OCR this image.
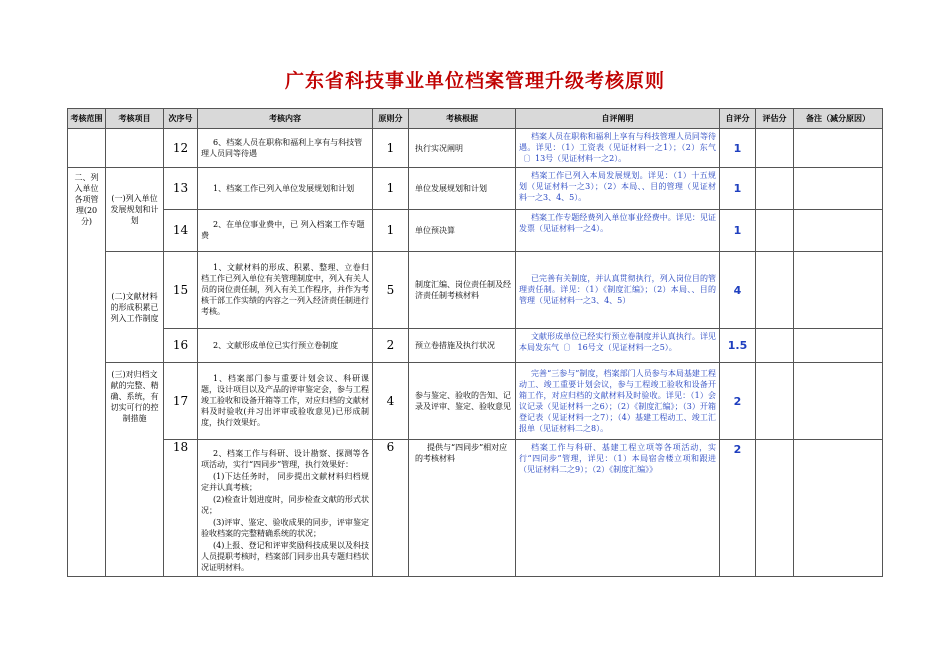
广东省科技事业单位档案管理升级考核原则
考核范围	考核项目	次序号	考核内容	原则分	考核根据	自评阐明	自评分	评估分	备注（减分原因）
		12	6、档案人员在职称和福利上享有与科技管理人员同等待遇	1	执行实况阐明	档案人员在职称和福利上享有与科技管理人员同等待遇。详见：（1）工资表（见证材料一之1）；（2）东气〔〕13号（见证材料一之2）。	1		
二、列入单位各项管理(20分)	(一)列入单位发展规划和计划	13	1、档案工作已列入单位发展规划和计划	1	单位发展规划和计划	档案工作已列入本局发展规划。详见：（1）十五规划（见证材料一之3）；（2）本局、、目的管理（见证材料一之3、4、5）。	1		
		14	2、在单位事业费中，已 列入档案工作专题费	1	单位预决算	档案工作专题经费列入单位事业经费中。详见：见证发票（见证材料一之4）。	1		
	(二)文献材料的形成积累已列入工作制度	15	1、文献材料的形成、积累、整理、立卷归档工作已列入单位有关管理制度中，列入有关人员的岗位责任制，列入有关工作程序，并作为考核干部工作实绩的内容之一列入经济责任制进行考核。	5	制度汇编、岗位责任制及经济责任制考核材料	已完善有关制度，并认真贯彻执行，列入岗位目的管理责任制。详见：（1）《制度汇编》；（2）本局、、目的管理（见证材料一之3、4、5）	4		
		16	2、文献形成单位已实行预立卷制度	2	预立卷措施及执行状况	文献形成单位已经实行预立卷制度并认真执行。详见本局发东气〔〕 16号文（见证材料一之5）。	1.5		
	(三)对归档文献的完整、精确、系统，有切实可行的控制措施	17	1、档案部门参与重要计划会议、科研课题，设计项目以及产品的评审鉴定会，参与工程竣工验收和设备开箱等工作，对应归档的文献材料及时验收(并习出评审或验收意见)已形成制度，执行效果好。	4	参与鉴定、验收的告知、记录及评审、鉴定、验收意见	完善“三参与”制度，档案部门人员参与本局基建工程动工、竣工重要计划会议，参与工程竣工验收和设备开箱工作，对应归档的文献材料及时验收。详见：（1）会议记录（见证材料一之6）；（2）《制度汇编》；（3）开箱登记表（见证材料一之7）；（4）基建工程动工、竣工汇报单（见证材料二之8）。	2		
		18	2、档案工作与科研、设计勘察、探测等各项活动，实行“四同步”管理，执行效果好：

(1)下达任务时， 同步提出文献材料归档规定并认真考核；

(2)检查计划进度时，同步检查文献的形式状况；

(3)评审、鉴定、验收成果的同步，评审鉴定验收档案的完整精确系统的状况；

(4)上报、登记和评审奖励科技成果以及科技人员提职考核时，档案部门同步出具专题归档状况证明材料。	6	提供与“四同步”相对应的考核材料	档案工作与科研、基建工程立项等各项活动，实行“四同步”管理，详见：（1）本局宿舍楼立项和跟进（见证材料二之9）；（2）《制度汇编》》	2		
